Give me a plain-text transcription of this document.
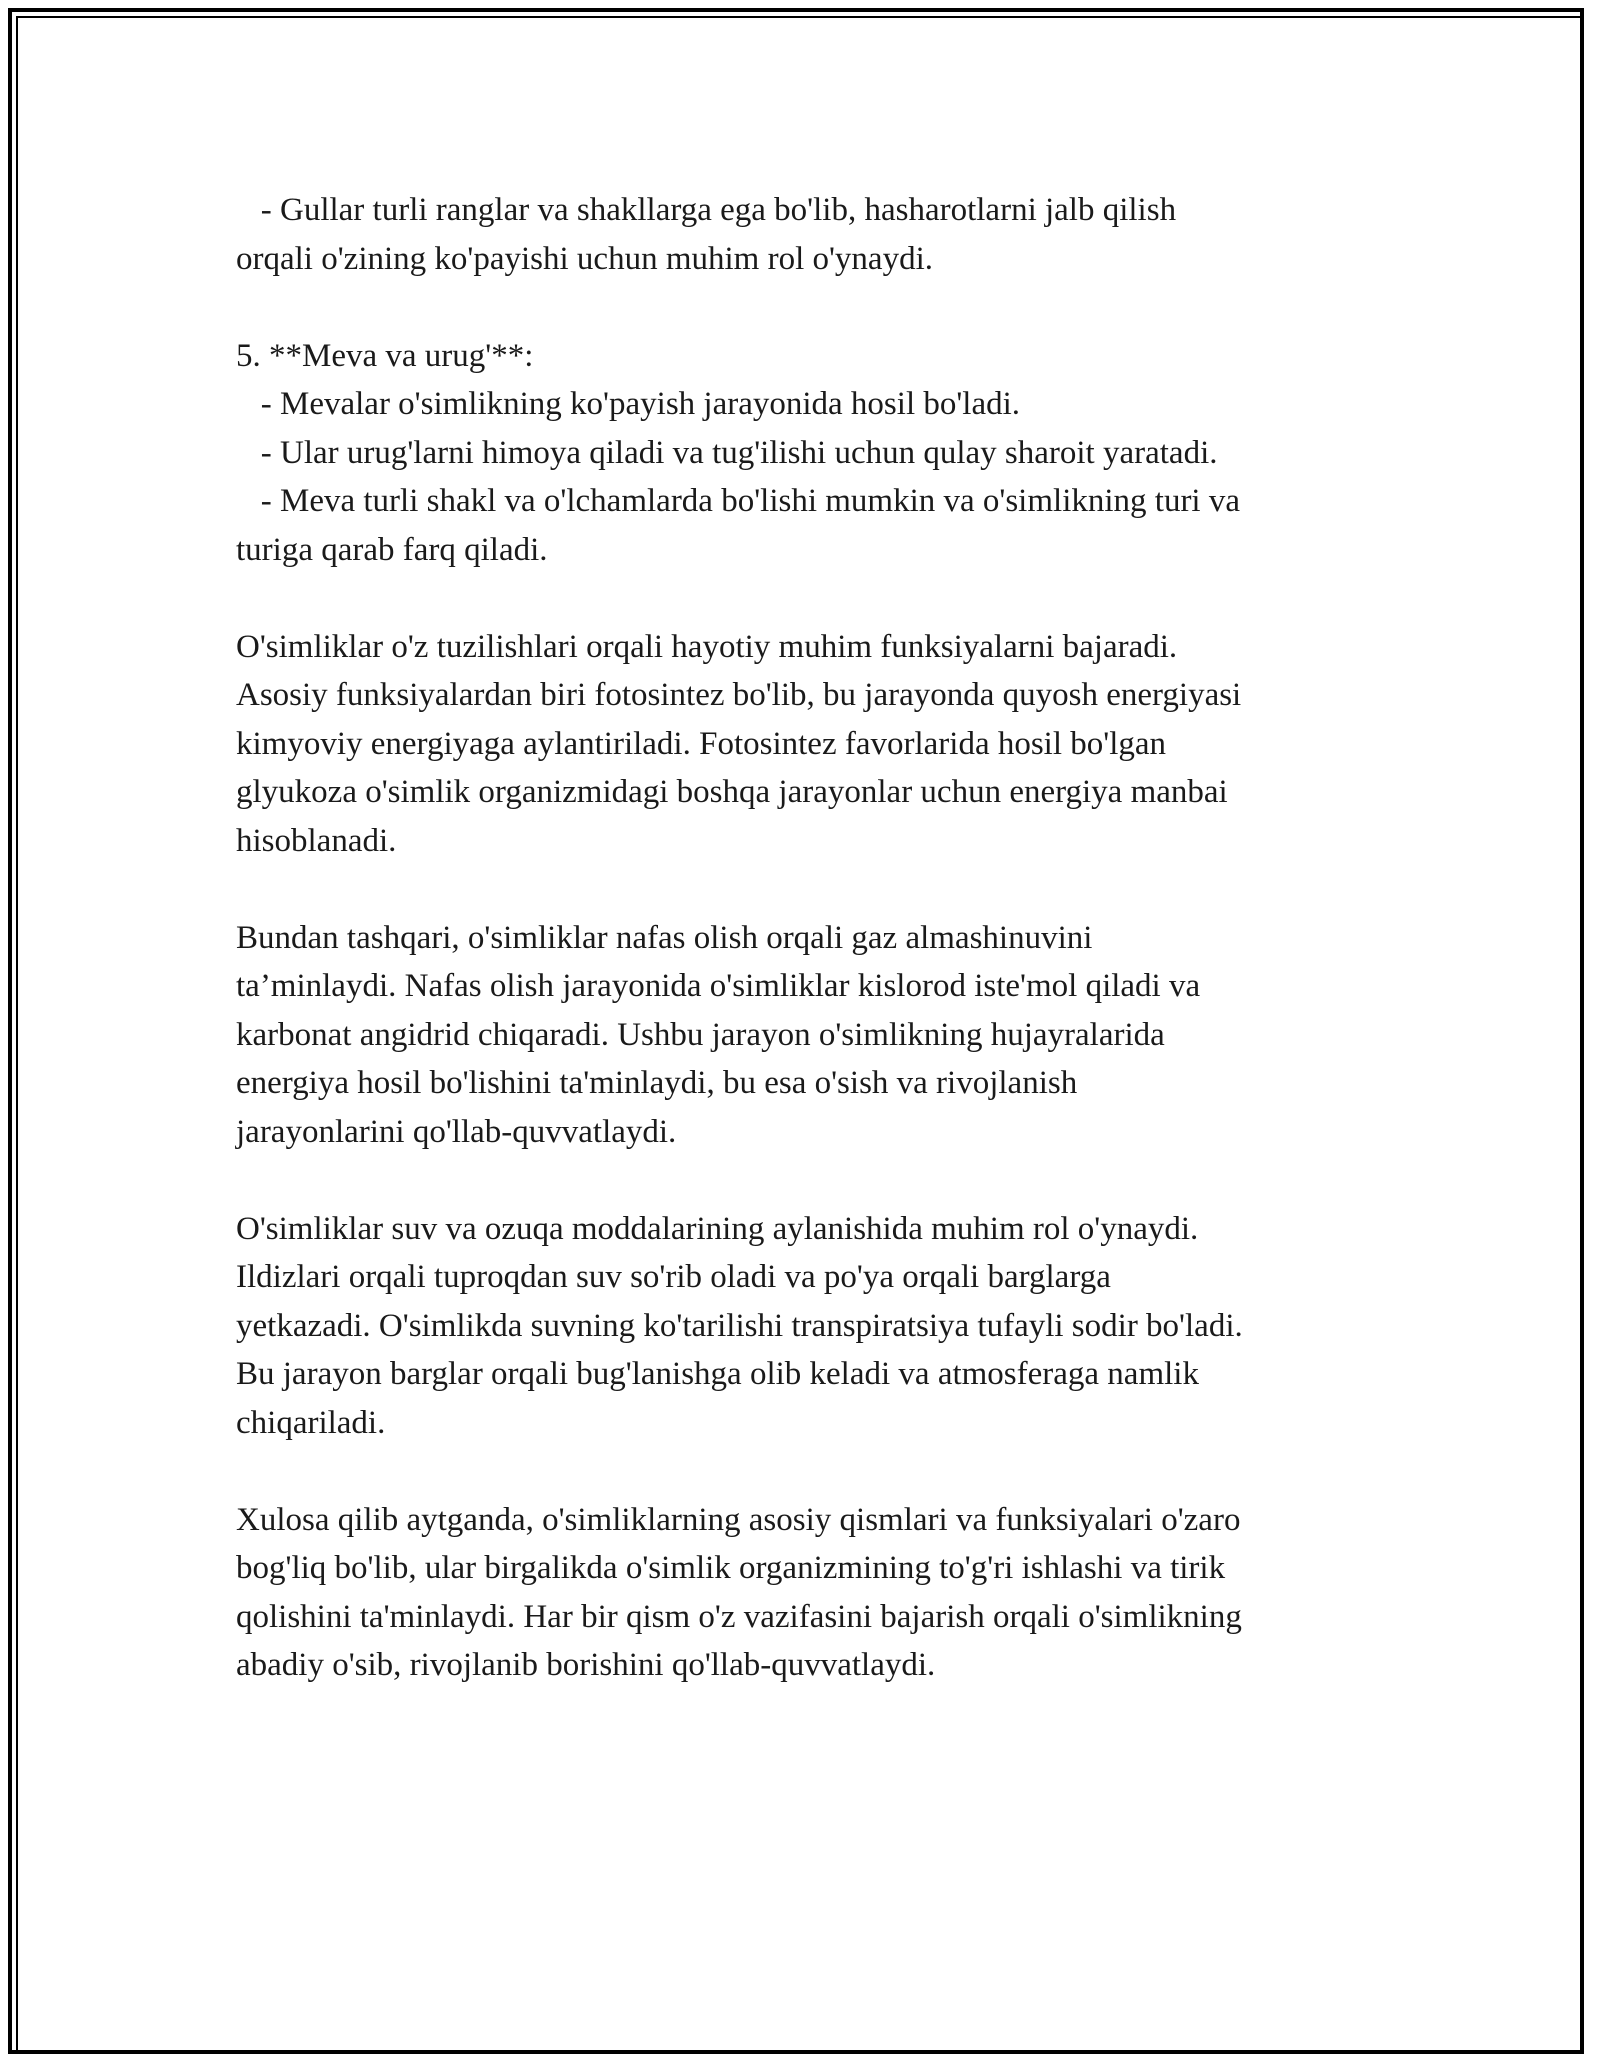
- Gullar turli ranglar va shakllarga ega bo'lib, hasharotlarni jalb qilish
orqali o'zining ko'payishi uchun muhim rol o'ynaydi.
5. **Meva va urug'**:
- Mevalar o'simlikning ko'payish jarayonida hosil bo'ladi.
- Ular urug'larni himoya qiladi va tug'ilishi uchun qulay sharoit yaratadi.
- Meva turli shakl va o'lchamlarda bo'lishi mumkin va o'simlikning turi va
turiga qarab farq qiladi.
O'simliklar o'z tuzilishlari orqali hayotiy muhim funksiyalarni bajaradi.
Asosiy funksiyalardan biri fotosintez bo'lib, bu jarayonda quyosh energiyasi
kimyoviy energiyaga aylantiriladi. Fotosintez favorlarida hosil bo'lgan
glyukoza o'simlik organizmidagi boshqa jarayonlar uchun energiya manbai
hisoblanadi.
Bundan tashqari, o'simliklar nafas olish orqali gaz almashinuvini
ta’minlaydi. Nafas olish jarayonida o'simliklar kislorod iste'mol qiladi va
karbonat angidrid chiqaradi. Ushbu jarayon o'simlikning hujayralarida
energiya hosil bo'lishini ta'minlaydi, bu esa o'sish va rivojlanish
jarayonlarini qo'llab-quvvatlaydi.
O'simliklar suv va ozuqa moddalarining aylanishida muhim rol o'ynaydi.
Ildizlari orqali tuproqdan suv so'rib oladi va po'ya orqali barglarga
yetkazadi. O'simlikda suvning ko'tarilishi transpiratsiya tufayli sodir bo'ladi.
Bu jarayon barglar orqali bug'lanishga olib keladi va atmosferaga namlik
chiqariladi.
Xulosa qilib aytganda, o'simliklarning asosiy qismlari va funksiyalari o'zaro
bog'liq bo'lib, ular birgalikda o'simlik organizmining to'g'ri ishlashi va tirik
qolishini ta'minlaydi. Har bir qism o'z vazifasini bajarish orqali o'simlikning
abadiy o'sib, rivojlanib borishini qo'llab-quvvatlaydi.
